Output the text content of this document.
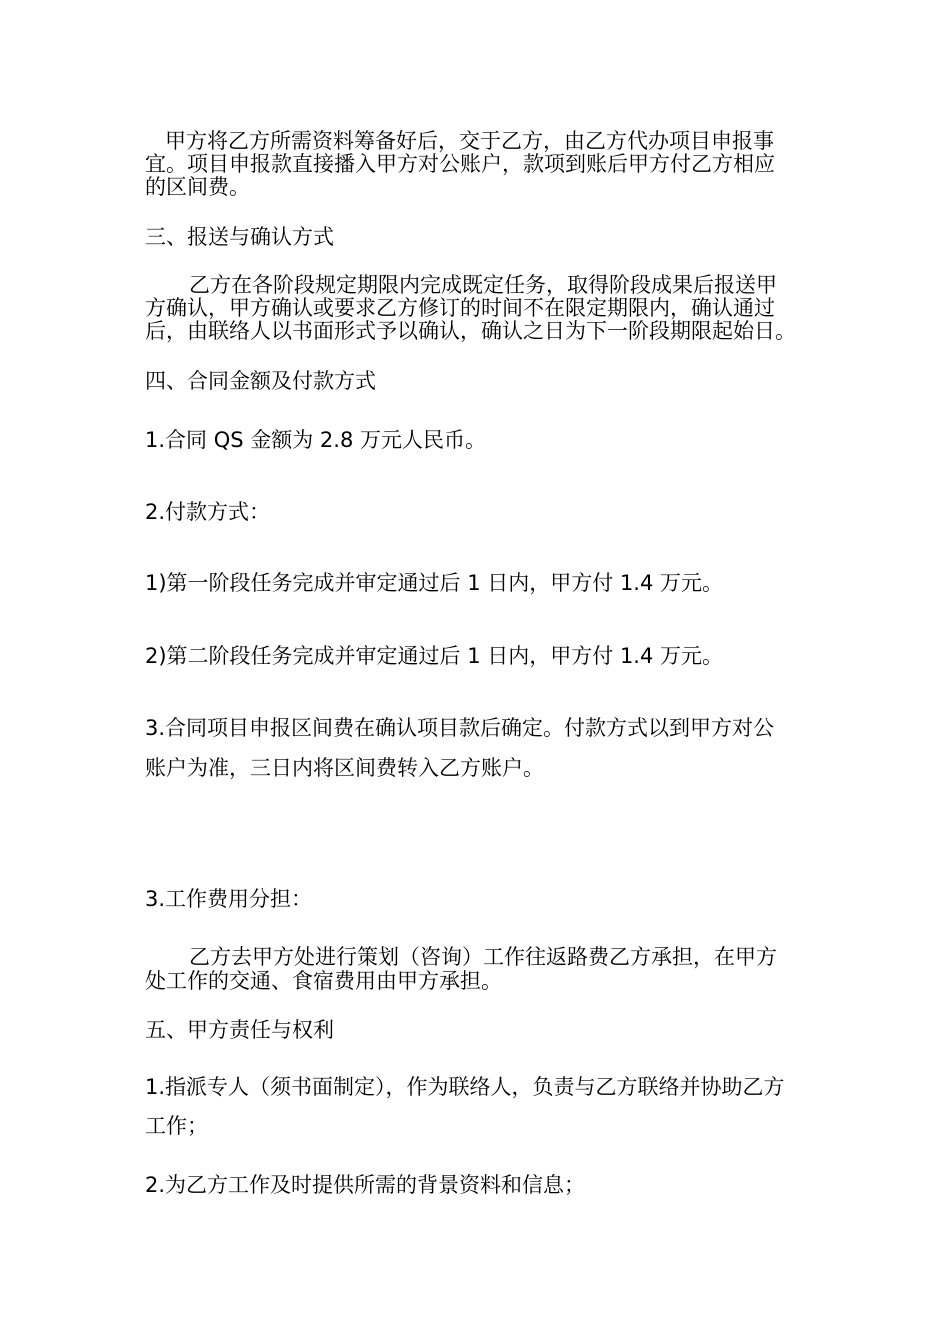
甲方将乙方所需资料筹备好后，交于乙方，由乙方代办项目申报事
宜。项目申报款直接播入甲方对公账户，款项到账后甲方付乙方相应
的区间费。
三、报送与确认方式
乙方在各阶段规定期限内完成既定任务，取得阶段成果后报送甲
方确认，甲方确认或要求乙方修订的时间不在限定期限内，确认通过
后，由联络人以书面形式予以确认，确认之日为下一阶段期限起始日。
四、合同金额及付款方式
1.合同 QS 金额为 2.8 万元人民币。
2.付款方式：
1)第一阶段任务完成并审定通过后 1 日内，甲方付 1.4 万元。
2)第二阶段任务完成并审定通过后 1 日内，甲方付 1.4 万元。
3.合同项目申报区间费在确认项目款后确定。付款方式以到甲方对公
账户为准，三日内将区间费转入乙方账户。
3.工作费用分担：
乙方去甲方处进行策划（咨询）工作往返路费乙方承担，在甲方
处工作的交通、食宿费用由甲方承担。
五、甲方责任与权利
1.指派专人（须书面制定），作为联络人，负责与乙方联络并协助乙方
工作；
2.为乙方工作及时提供所需的背景资料和信息；
